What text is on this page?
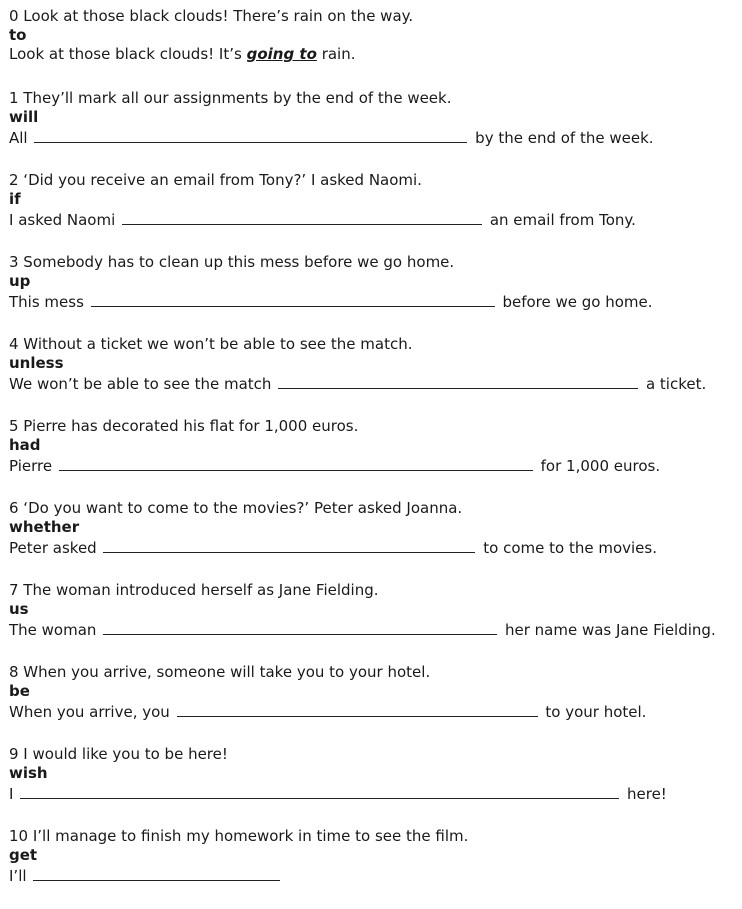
0 Look at those black clouds! There’s rain on the way.
to
Look at those black clouds! It’s going to rain.
1 They’ll mark all our assignments by the end of the week.
will
All	by the end of the week.
2 ‘Did you receive an email from Tony?’ I asked Naomi.
if
I asked Naomi	an email from Tony.
3 Somebody has to clean up this mess before we go home.
up
This mess	before we go home.
4 Without a ticket we won’t be able to see the match.
unless
We won’t be able to see the match	a ticket.
5 Pierre has decorated his flat for 1,000 euros.
had
Pierre	for 1,000 euros.
6 ‘Do you want to come to the movies?’ Peter asked Joanna.
whether
Peter asked	to come to the movies.
7 The woman introduced herself as Jane Fielding.
us
The woman	her name was Jane Fielding.
8 When you arrive, someone will take you to your hotel.
be
When you arrive, you	to your hotel.
9 I would like you to be here!
wish
I	here!
10 I’ll manage to finish my homework in time to see the film.
get
I’ll
